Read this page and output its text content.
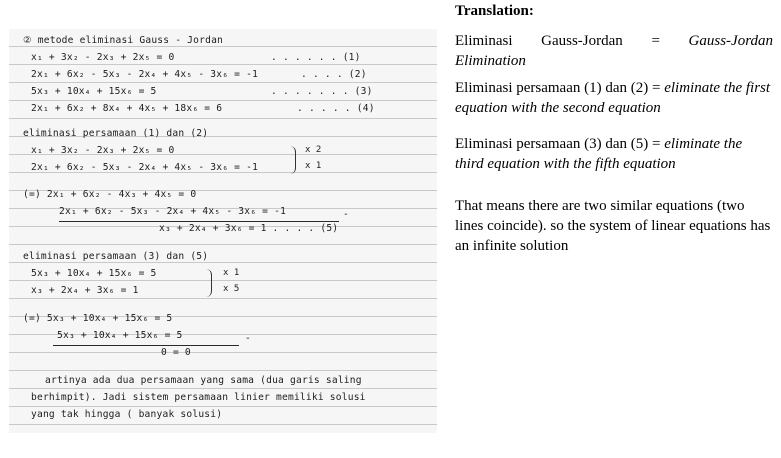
② metode eliminasi Gauss - Jordan
x₁ + 3x₂ - 2x₃ + 2x₅ = 0	. . . . . . (1)
2x₁ + 6x₂ - 5x₃ - 2x₄ + 4x₅ - 3x₆ = -1	. . . . (2)
5x₃ + 10x₄ + 15x₆ = 5	. . . . . . . (3)
2x₁ + 6x₂ + 8x₄ + 4x₅ + 18x₆ = 6	. . . . . (4)
eliminasi persamaan (1) dan (2)
x₁ + 3x₂ - 2x₃ + 2x₅ = 0
2x₁ + 6x₂ - 5x₃ - 2x₄ + 4x₅ - 3x₆ = -1
x 2
x 1
(=) 2x₁ + 6x₂ - 4x₃ + 4x₅ = 0
2x₁ + 6x₂ - 5x₃ - 2x₄ + 4x₅ - 3x₆ = -1	-
x₃ + 2x₄ + 3x₆ = 1 . . . . (5)
eliminasi persamaan (3) dan (5)
5x₃ + 10x₄ + 15x₆ = 5
x₃ + 2x₄ + 3x₆ = 1
x 1
x 5
(=) 5x₃ + 10x₄ + 15x₆ = 5
5x₃ + 10x₄ + 15x₆ = 5	-
0 = 0
artinya ada dua persamaan yang sama (dua garis saling
berhimpit). Jadi sistem persamaan linier memiliki solusi
yang tak hingga ( banyak solusi)
Translation:
Eliminasi Gauss-Jordan = Gauss-Jordan
Elimination
Eliminasi persamaan (1) dan (2) = eliminate the first equation with the second equation
Eliminasi persamaan (3) dan (5) = eliminate the third equation with the fifth equation
That means there are two similar equations (two lines coincide). so the system of linear equations has an infinite solution
